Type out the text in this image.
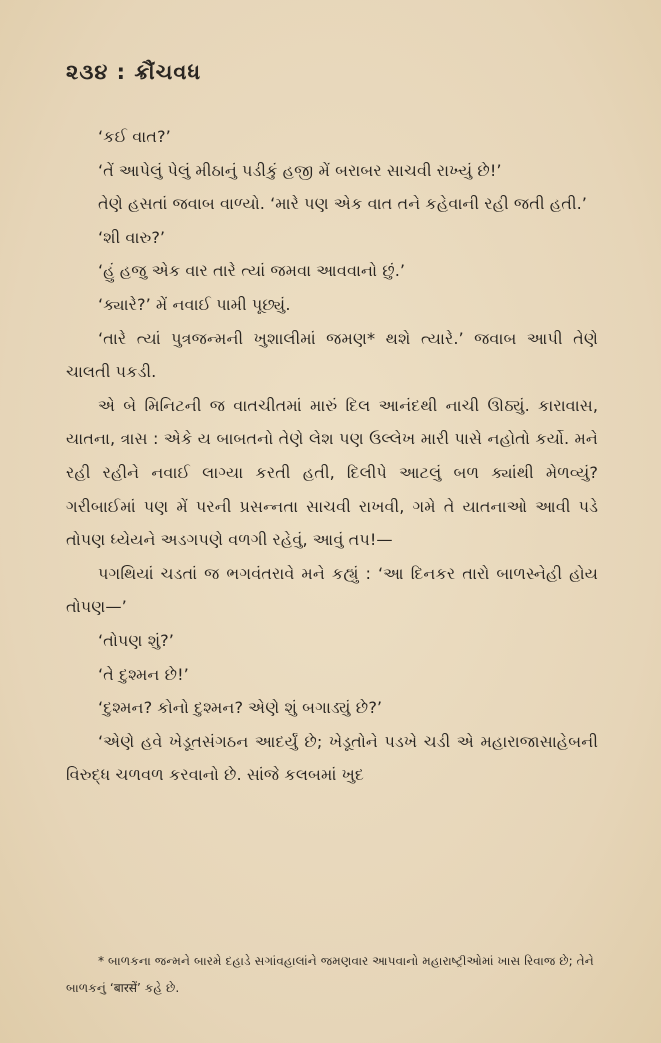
૨૩૪ : ક્રૌંચવધ

‘કઈ વાત?’

‘તેં આપેલું પેલું મીઠાનું પડીકું હજી મેં બરાબર સાચવી રાખ્યું છે!’

તેણે હસતાં જવાબ વાળ્યો. ‘મારે પણ એક વાત તને કહેવાની રહી જતી હતી.’

‘શી વારુ?’

‘હું હજુ એક વાર તારે ત્યાં જમવા આવવાનો છું.’

‘ક્યારે?’ મેં નવાઈ પામી પૂછ્યું.

‘તારે ત્યાં પુત્રજન્મની ખુશાલીમાં જમણ* થશે ત્યારે.’ જવાબ આપી તેણે ચાલતી પકડી.

એ બે મિનિટની જ વાતચીતમાં મારું દિલ આનંદથી નાચી ઊઠ્યું. કારાવાસ, યાતના, ત્રાસ : એકે ય બાબતનો તેણે લેશ પણ ઉલ્લેખ મારી પાસે નહોતો કર્યો. મને રહી રહીને નવાઈ લાગ્યા કરતી હતી, દિલીપે આટલું બળ ક્યાંથી મેળવ્યું? ગરીબાઈમાં પણ મેં પરની પ્રસન્નતા સાચવી રાખવી, ગમે તે યાતનાઓ આવી પડે તોપણ ધ્યેયને અડગપણે વળગી રહેવું, આવું તપ!—

પગથિયાં ચડતાં જ ભગવંતરાવે મને કહ્યું : ‘આ દિનકર તારો બાળસ્નેહી હોય તોપણ—’

‘તોપણ શું?’

‘તે દુશ્મન છે!’

‘દુશ્મન? કોનો દુશ્મન? એણે શું બગાડ્યું છે?’

‘એણે હવે ખેડૂતસંગઠન આદર્યું છે; ખેડૂતોને પડખે ચડી એ મહારાજાસાહેબની વિરુદ્ધ ચળવળ કરવાનો છે. સાંજે કલબમાં ખુદ

* બાળકના જન્મને બારમે દહાડે સગાંવહાલાંને જમણવાર આપવાનો મહારાષ્ટ્રીઓમાં ખાસ રિવાજ છે; તેને બાળકનું ‘बारसें’ કહે છે.
